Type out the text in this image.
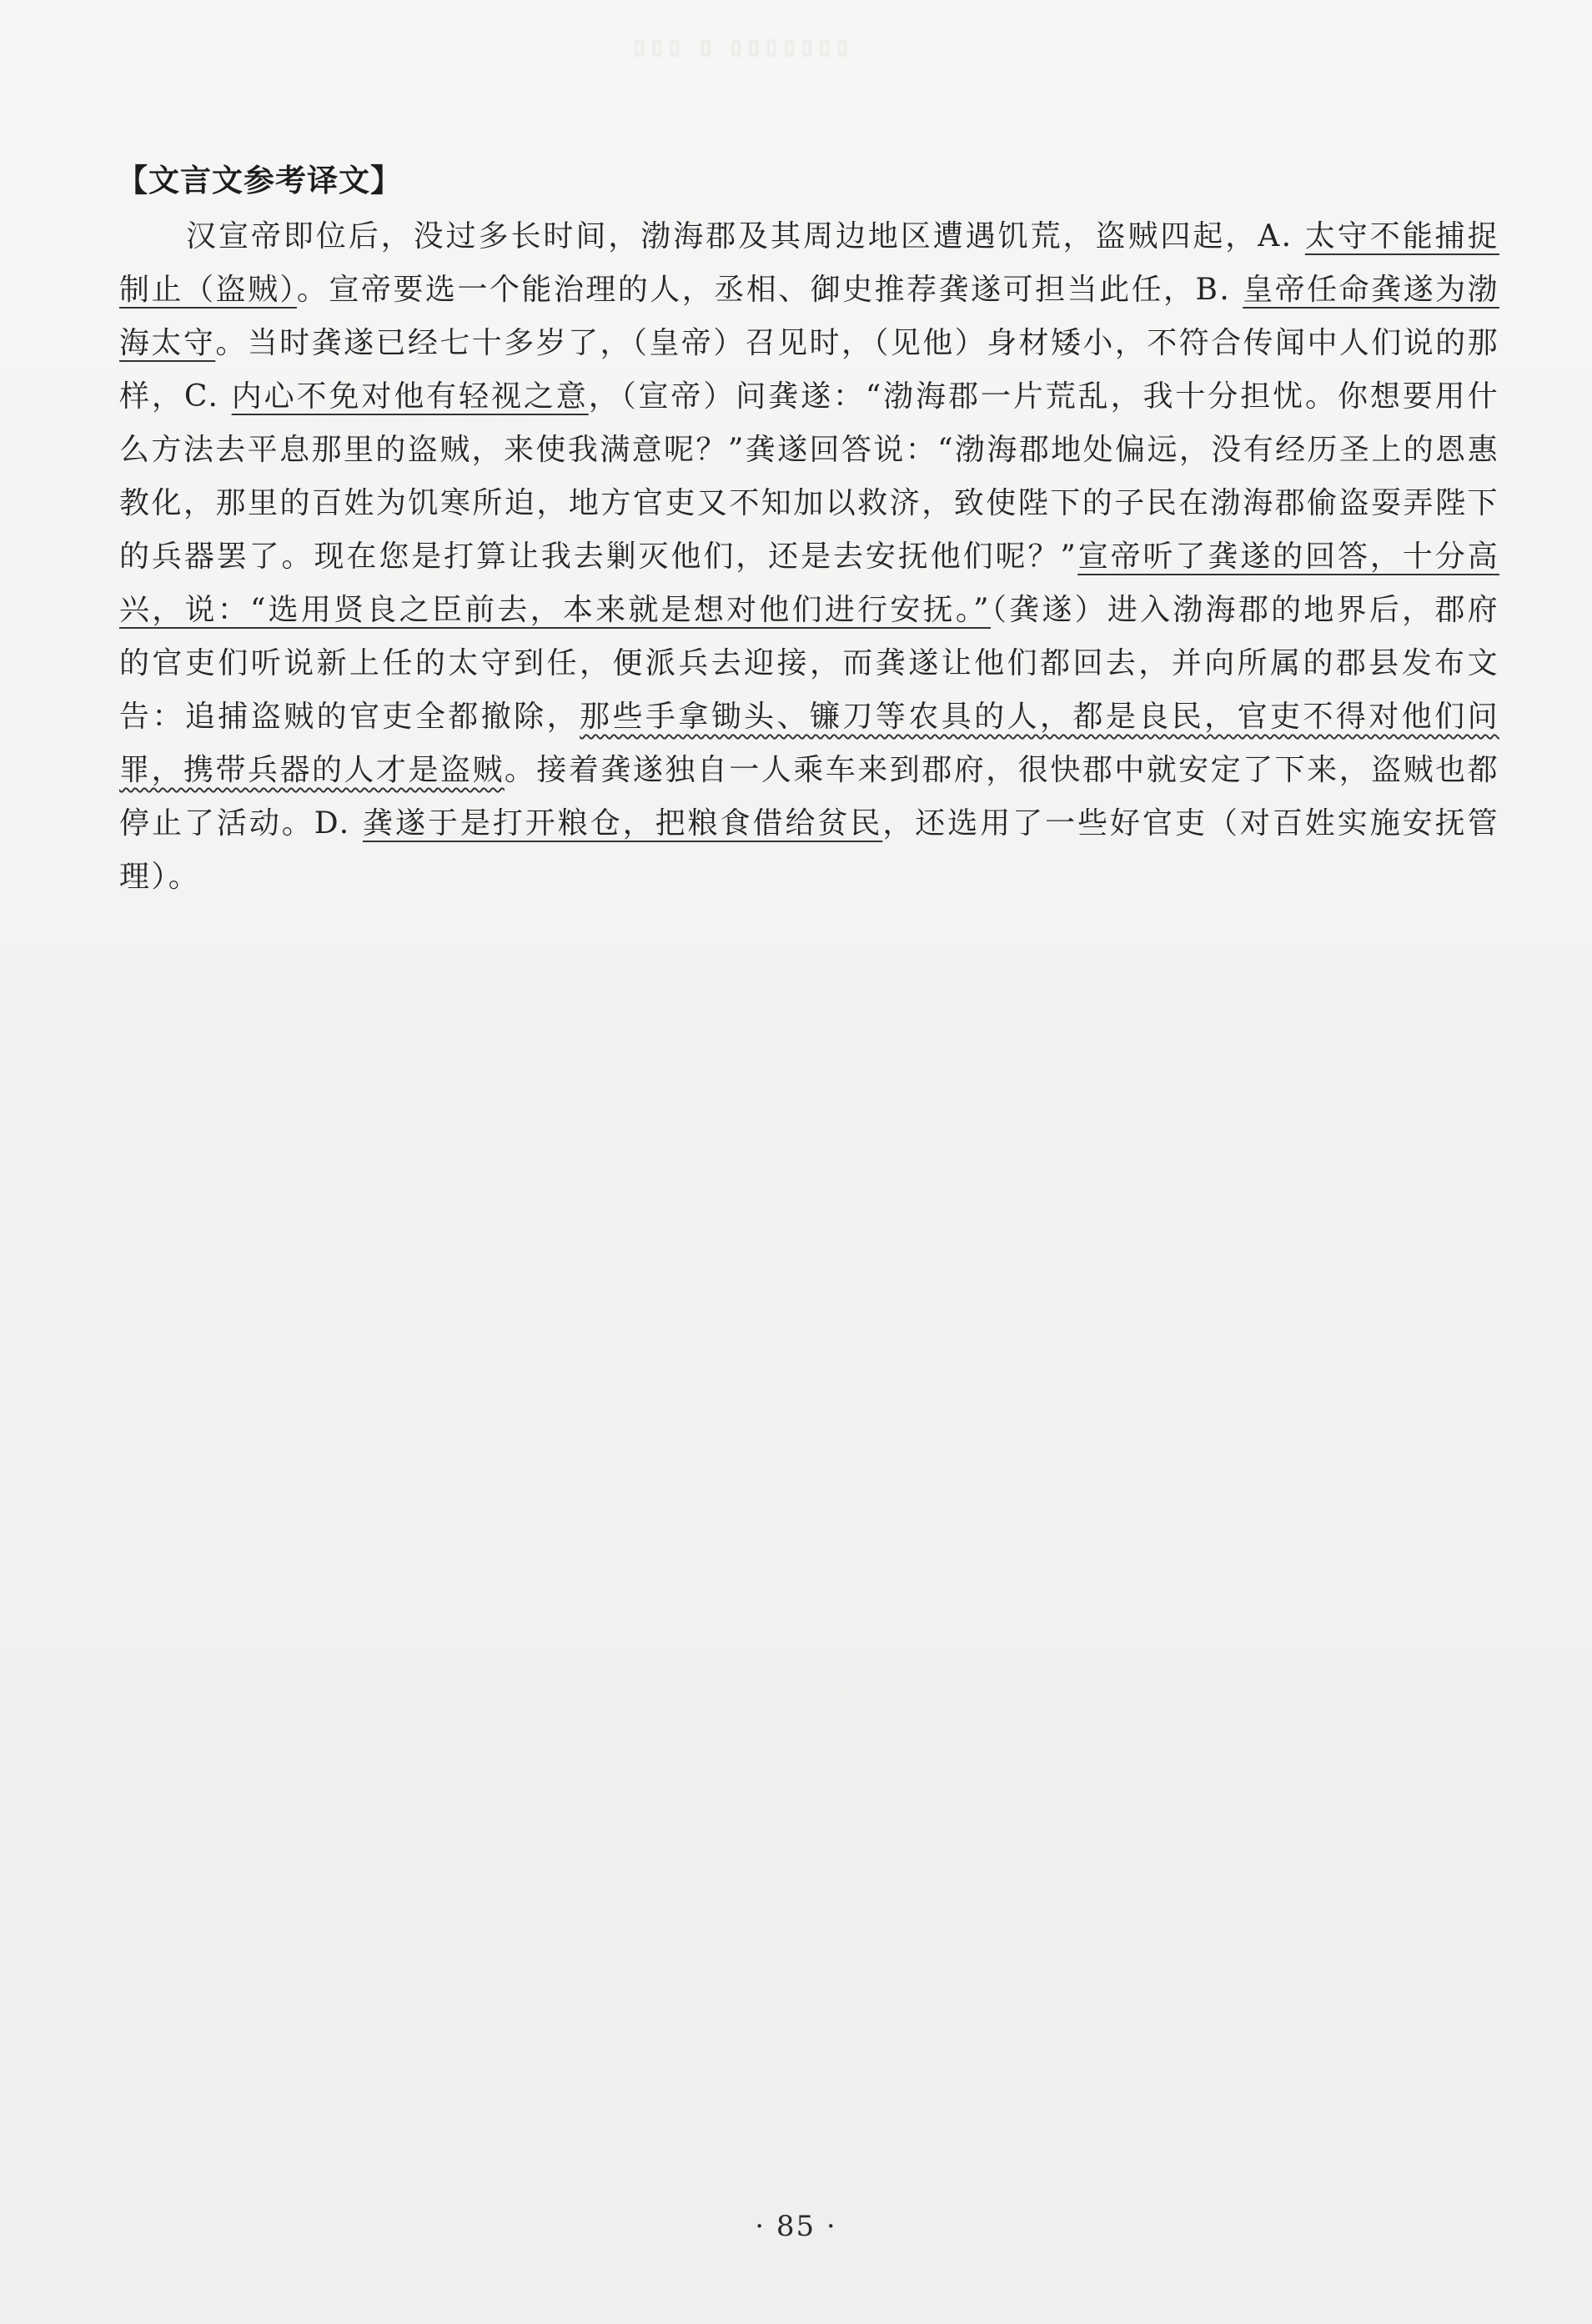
▯▯▯ ▯ ▯▯▯▯▯▯▯
【文言文参考译文】

汉宣帝即位后，没过多长时间，渤海郡及其周边地区遭遇饥荒，盗贼四起，A. 太守不能捕捉制止（盗贼）。宣帝要选一个能治理的人，丞相、御史推荐龚遂可担当此任，B. 皇帝任命龚遂为渤海太守。当时龚遂已经七十多岁了，（皇帝）召见时，（见他）身材矮小，不符合传闻中人们说的那样，C. 内心不免对他有轻视之意，（宣帝）问龚遂：“渤海郡一片荒乱，我十分担忧。你想要用什么方法去平息那里的盗贼，来使我满意呢？”龚遂回答说：“渤海郡地处偏远，没有经历圣上的恩惠教化，那里的百姓为饥寒所迫，地方官吏又不知加以救济，致使陛下的子民在渤海郡偷盗耍弄陛下的兵器罢了。现在您是打算让我去剿灭他们，还是去安抚他们呢？”宣帝听了龚遂的回答，十分高兴，说：“选用贤良之臣前去，本来就是想对他们进行安抚。”（龚遂）进入渤海郡的地界后，郡府的官吏们听说新上任的太守到任，便派兵去迎接，而龚遂让他们都回去，并向所属的郡县发布文告：追捕盗贼的官吏全都撤除，那些手拿锄头、镰刀等农具的人，都是良民，官吏不得对他们问罪，携带兵器的人才是盗贼。接着龚遂独自一人乘车来到郡府，很快郡中就安定了下来，盗贼也都停止了活动。D. 龚遂于是打开粮仓，把粮食借给贫民，还选用了一些好官吏（对百姓实施安抚管理）。

· 85 ·
